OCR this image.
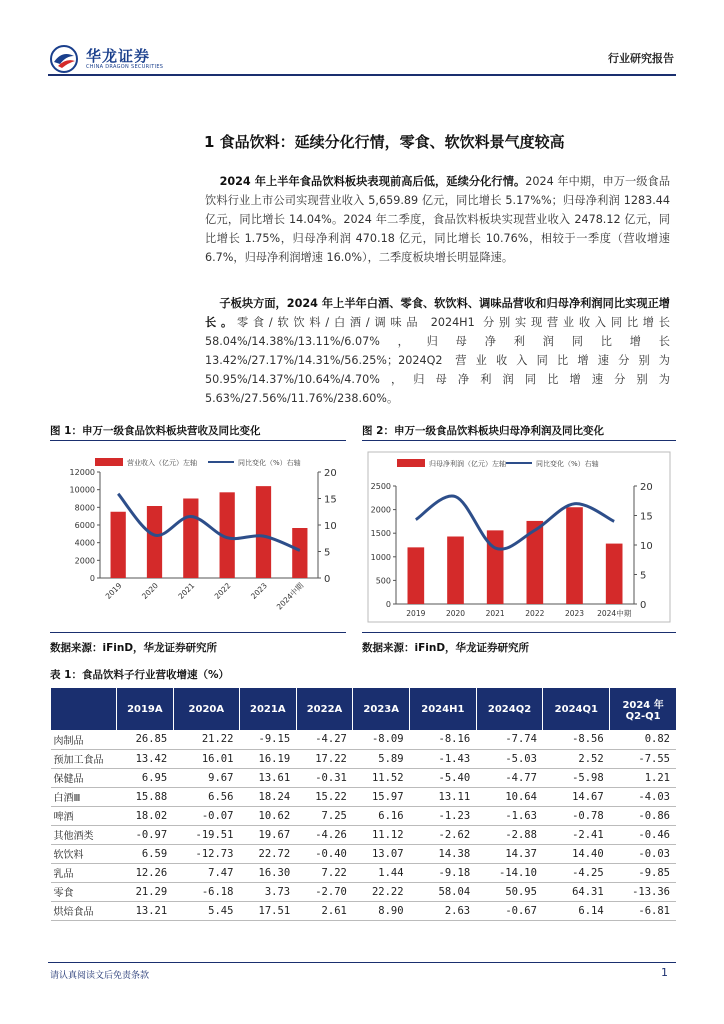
华龙证券
CHINA DRAGON SECURITIES
行业研究报告
1 食品饮料：延续分化行情，零食、软饮料景气度较高
2024 年上半年食品饮料板块表现前高后低，延续分化行情。2024 年中期，申万一级食品饮料行业上市公司实现营业收入 5,659.89 亿元，同比增长 5.17%%；归母净利润 1283.44 亿元，同比增长 14.04%。2024 年二季度，食品饮料板块实现营业收入 2478.12 亿元，同比增长 1.75%，归母净利润 470.18 亿元，同比增长 10.76%，相较于一季度（营收增速 6.7%，归母净利润增速 16.0%），二季度板块增长明显降速。
子板块方面，2024 年上半年白酒、零食、软饮料、调味品营收和归母净利润同比实现正增长。零食/软饮料/白酒/调味品 2024H1 分别实现营业收入同比增长 58.04%/14.38%/13.11%/6.07%，归母净利润同比增长 13.42%/27.17%/14.31%/56.25%；2024Q2 营业收入同比增速分别为 50.95%/14.37%/10.64%/4.70%，归母净利润同比增速分别为 5.63%/27.56%/11.76%/238.60%。
图 1：申万一级食品饮料板块营收及同比变化	图 2：申万一级食品饮料板块归母净利润及同比变化
营业收入（亿元）左轴	同比变化（%）右轴
0
2000
4000
6000
8000
10000
12000
0
5
10
15
20
2019 2020 2021 2022 2023 2024中期
归母净利润（亿元）左轴	同比变化（%）右轴
0
500
1000
1500
2000
2500
0
5
10
15
20
2019	2020	2021	2022	2023 2024中期
数据来源：iFinD，华龙证券研究所	数据来源：iFinD，华龙证券研究所
表 1：食品饮料子行业营收增速（%）
	2019A	2020A	2021A	2022A	2023A	2024H1	2024Q2	2024Q1	2024 年
Q2-Q1
肉制品	26.85	21.22	-9.15	-4.27	-8.09	-8.16	-7.74	-8.56	0.82
预加工食品	13.42	16.01	16.19	17.22	5.89	-1.43	-5.03	2.52	-7.55
保健品	6.95	9.67	13.61	-0.31	11.52	-5.40	-4.77	-5.98	1.21
白酒Ⅲ	15.88	6.56	18.24	15.22	15.97	13.11	10.64	14.67	-4.03
啤酒	18.02	-0.07	10.62	7.25	6.16	-1.23	-1.63	-0.78	-0.86
其他酒类	-0.97	-19.51	19.67	-4.26	11.12	-2.62	-2.88	-2.41	-0.46
软饮料	6.59	-12.73	22.72	-0.40	13.07	14.38	14.37	14.40	-0.03
乳品	12.26	7.47	16.30	7.22	1.44	-9.18	-14.10	-4.25	-9.85
零食	21.29	-6.18	3.73	-2.70	22.22	58.04	50.95	64.31	-13.36
烘焙食品	13.21	5.45	17.51	2.61	8.90	2.63	-0.67	6.14	-6.81
请认真阅读文后免责条款	1
